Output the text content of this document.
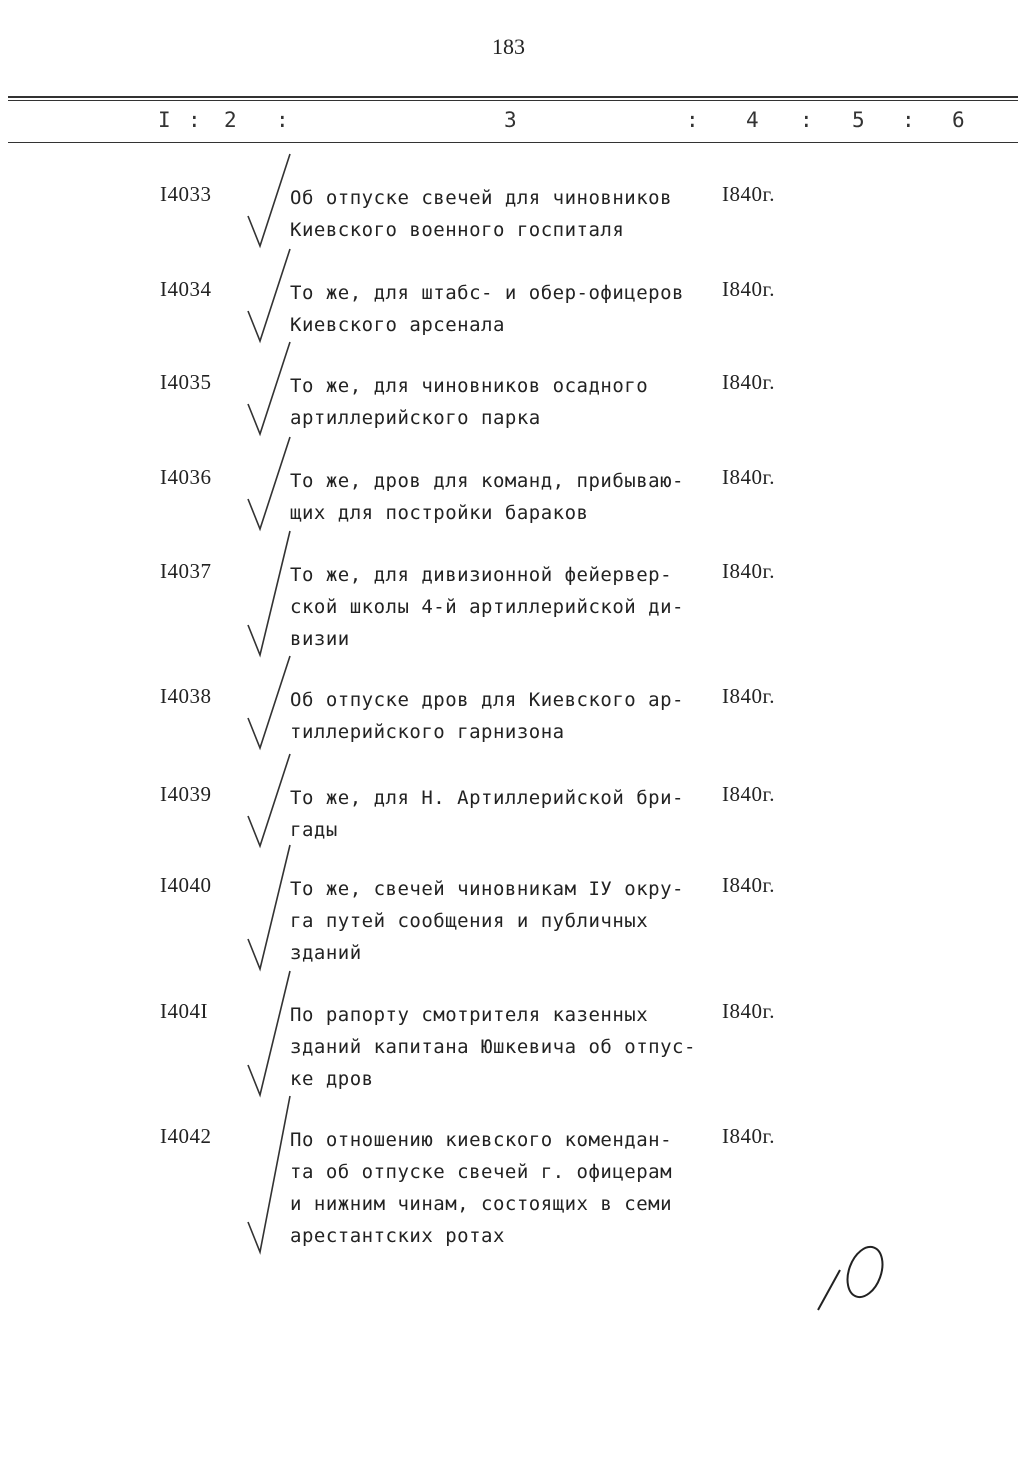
183
I : 2 :	3	: 4 : 5 : 6
I4033	Об отпуске свечей для чиновников
Киевского военного госпиталя
I840г.
I4034	То же, для штабс- и обер-офицеров
Киевского арсенала
I840г.
I4035	То же, для чиновников осадного
артиллерийского парка
I840г.
I4036	То же, дров для команд, прибываю-
щих для постройки бараков
I840г.
I4037	То же, для дивизионной фейервер-
ской школы 4-й артиллерийской ди-
визии
I840г.
I4038	Об отпуске дров для Киевского ар-
тиллерийского гарнизона
I840г.
I4039	То же, для Н. Артиллерийской бри-
гады
I840г.
I4040	То же, свечей чиновникам IУ окру-
га путей сообщения и публичных
зданий
I840г.
I404I	По рапорту смотрителя казенных
зданий капитана Юшкевича об отпус-
ке дров
I840г.
I4042	По отношению киевского комендан-
та об отпуске свечей г. офицерам
и нижним чинам, состоящих в семи
арестантских ротах
I840г.
